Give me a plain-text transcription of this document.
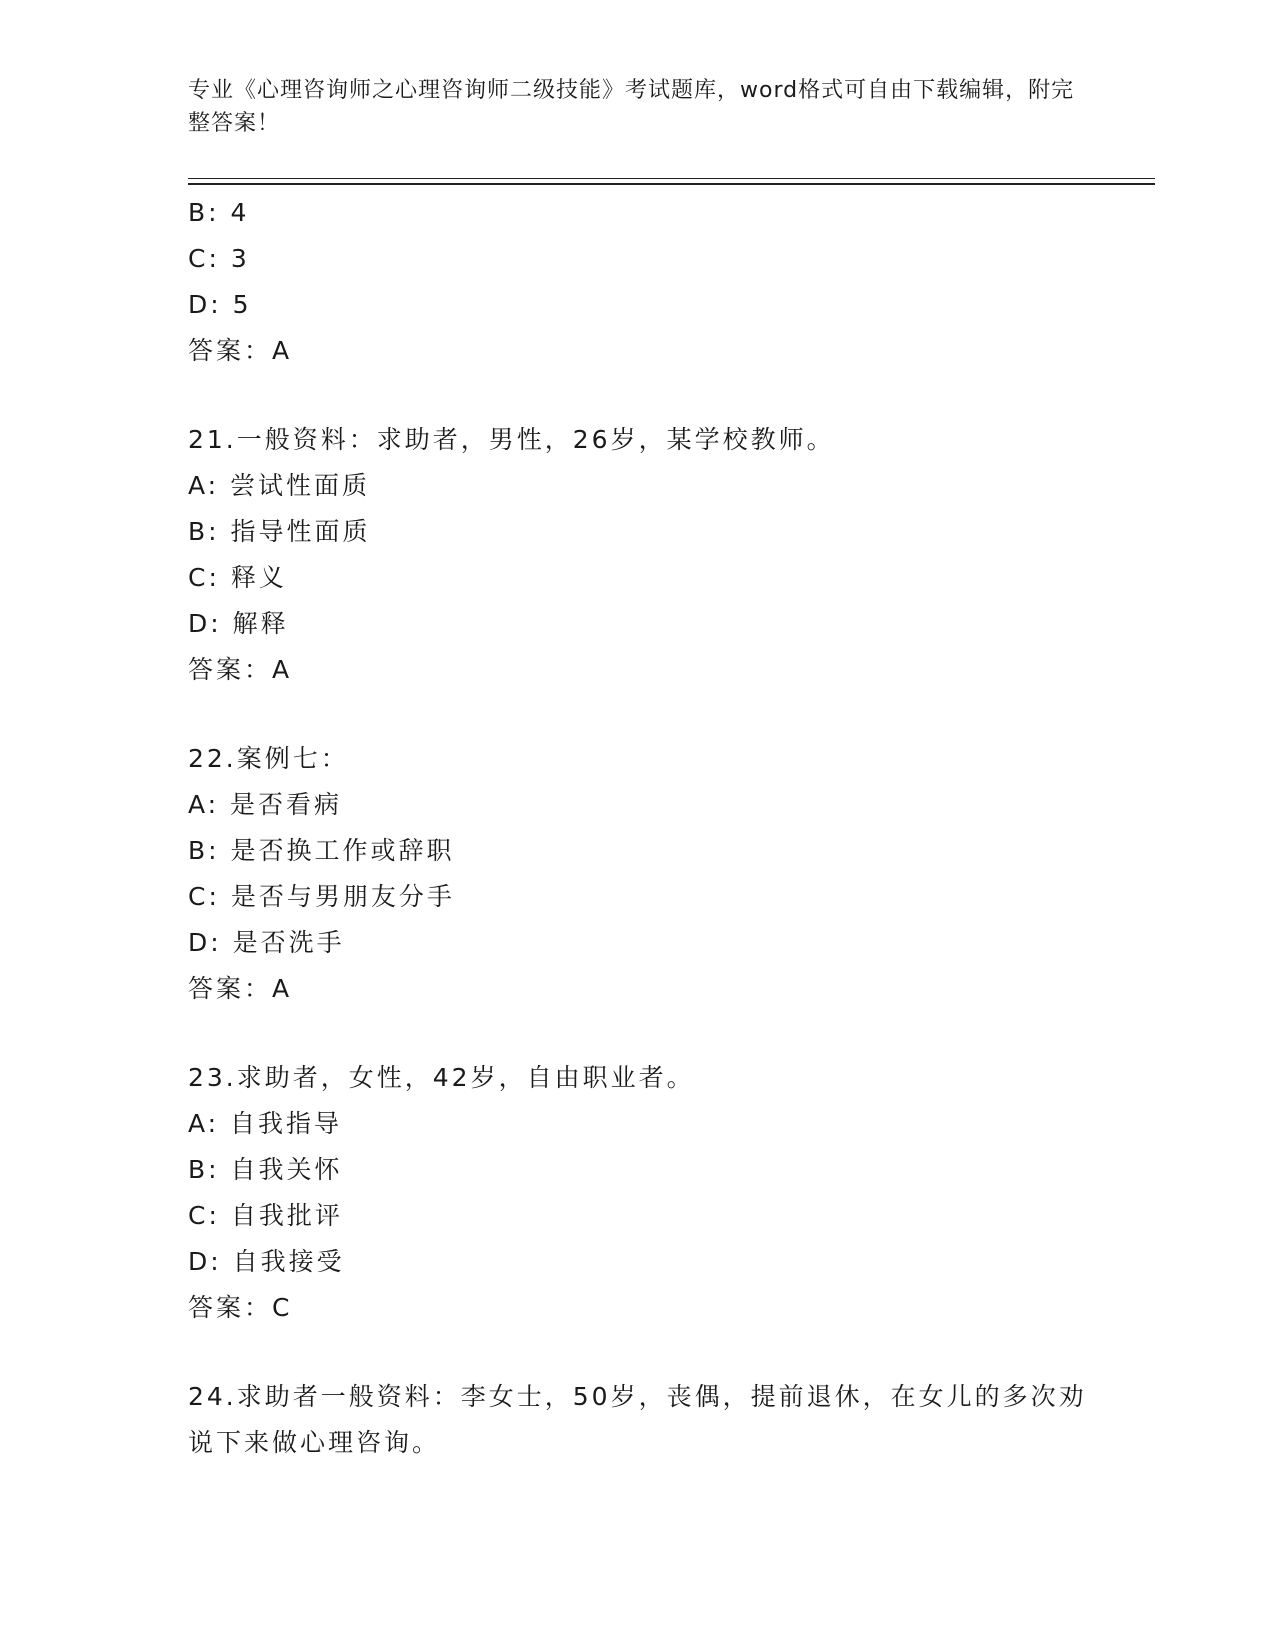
专业《心理咨询师之心理咨询师二级技能》考试题库，word格式可自由下载编辑，附完整答案！
B: 4
C: 3
D: 5
答案：A
21.一般资料：求助者，男性，26岁，某学校教师。
A: 尝试性面质
B: 指导性面质
C: 释义
D: 解释
答案：A
22.案例七：
A: 是否看病
B: 是否换工作或辞职
C: 是否与男朋友分手
D: 是否洗手
答案：A
23.求助者，女性，42岁，自由职业者。
A: 自我指导
B: 自我关怀
C: 自我批评
D: 自我接受
答案：C
24.求助者一般资料：李女士，50岁，丧偶，提前退休，在女儿的多次劝说下来做心理咨询。
